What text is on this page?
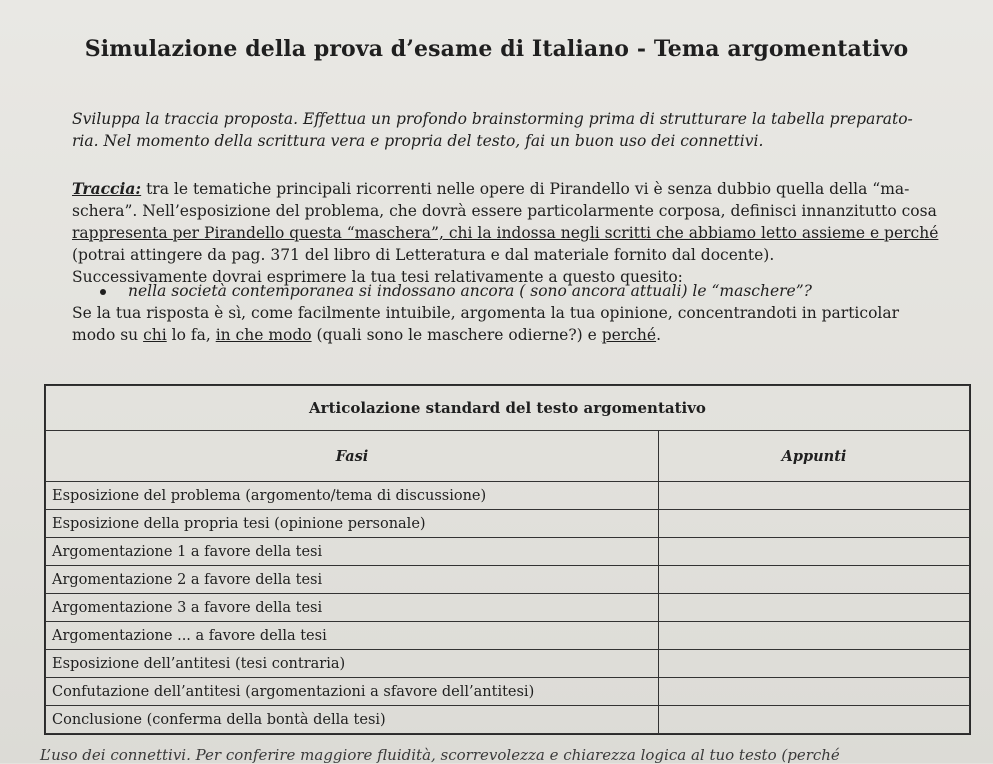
Simulazione della prova d’esame di Italiano - Tema argomentativo
Sviluppa la traccia proposta. Effettua un profondo brainstorming prima di strutturare la tabella preparato-
ria. Nel momento della scrittura vera e propria del testo, fai un buon uso dei connettivi.
Traccia: tra le tematiche principali ricorrenti nelle opere di Pirandello vi è senza dubbio quella della “ma-
schera”. Nell’esposizione del problema, che dovrà essere particolarmente corposa, definisci innanzitutto cosa
rappresenta per Pirandello questa “maschera”, chi la indossa negli scritti che abbiamo letto assieme e perché
(potrai attingere da pag. 371 del libro di Letteratura e dal materiale fornito dal docente).
Successivamente dovrai esprimere la tua tesi relativamente a questo quesito:
nella società contemporanea si indossano ancora ( sono ancora attuali) le “maschere”?
Se la tua risposta è sì, come facilmente intuibile, argomenta la tua opinione, concentrandoti in particolar
modo su chi lo fa, in che modo (quali sono le maschere odierne?) e perché.
Articolazione standard del testo argomentativo	
Fasi	Appunti
Esposizione del problema (argomento/tema di discussione)	
Esposizione della propria tesi (opinione personale)	
Argomentazione 1 a favore della tesi	
Argomentazione 2 a favore della tesi	
Argomentazione 3 a favore della tesi	
Argomentazione ... a favore della tesi	
Esposizione dell’antitesi (tesi contraria)	
Confutazione dell’antitesi (argomentazioni a sfavore dell’antitesi)	
Conclusione (conferma della bontà della tesi)	
L’uso dei connettivi. Per conferire maggiore fluidità, scorrevolezza e chiarezza logica al tuo testo (perché
